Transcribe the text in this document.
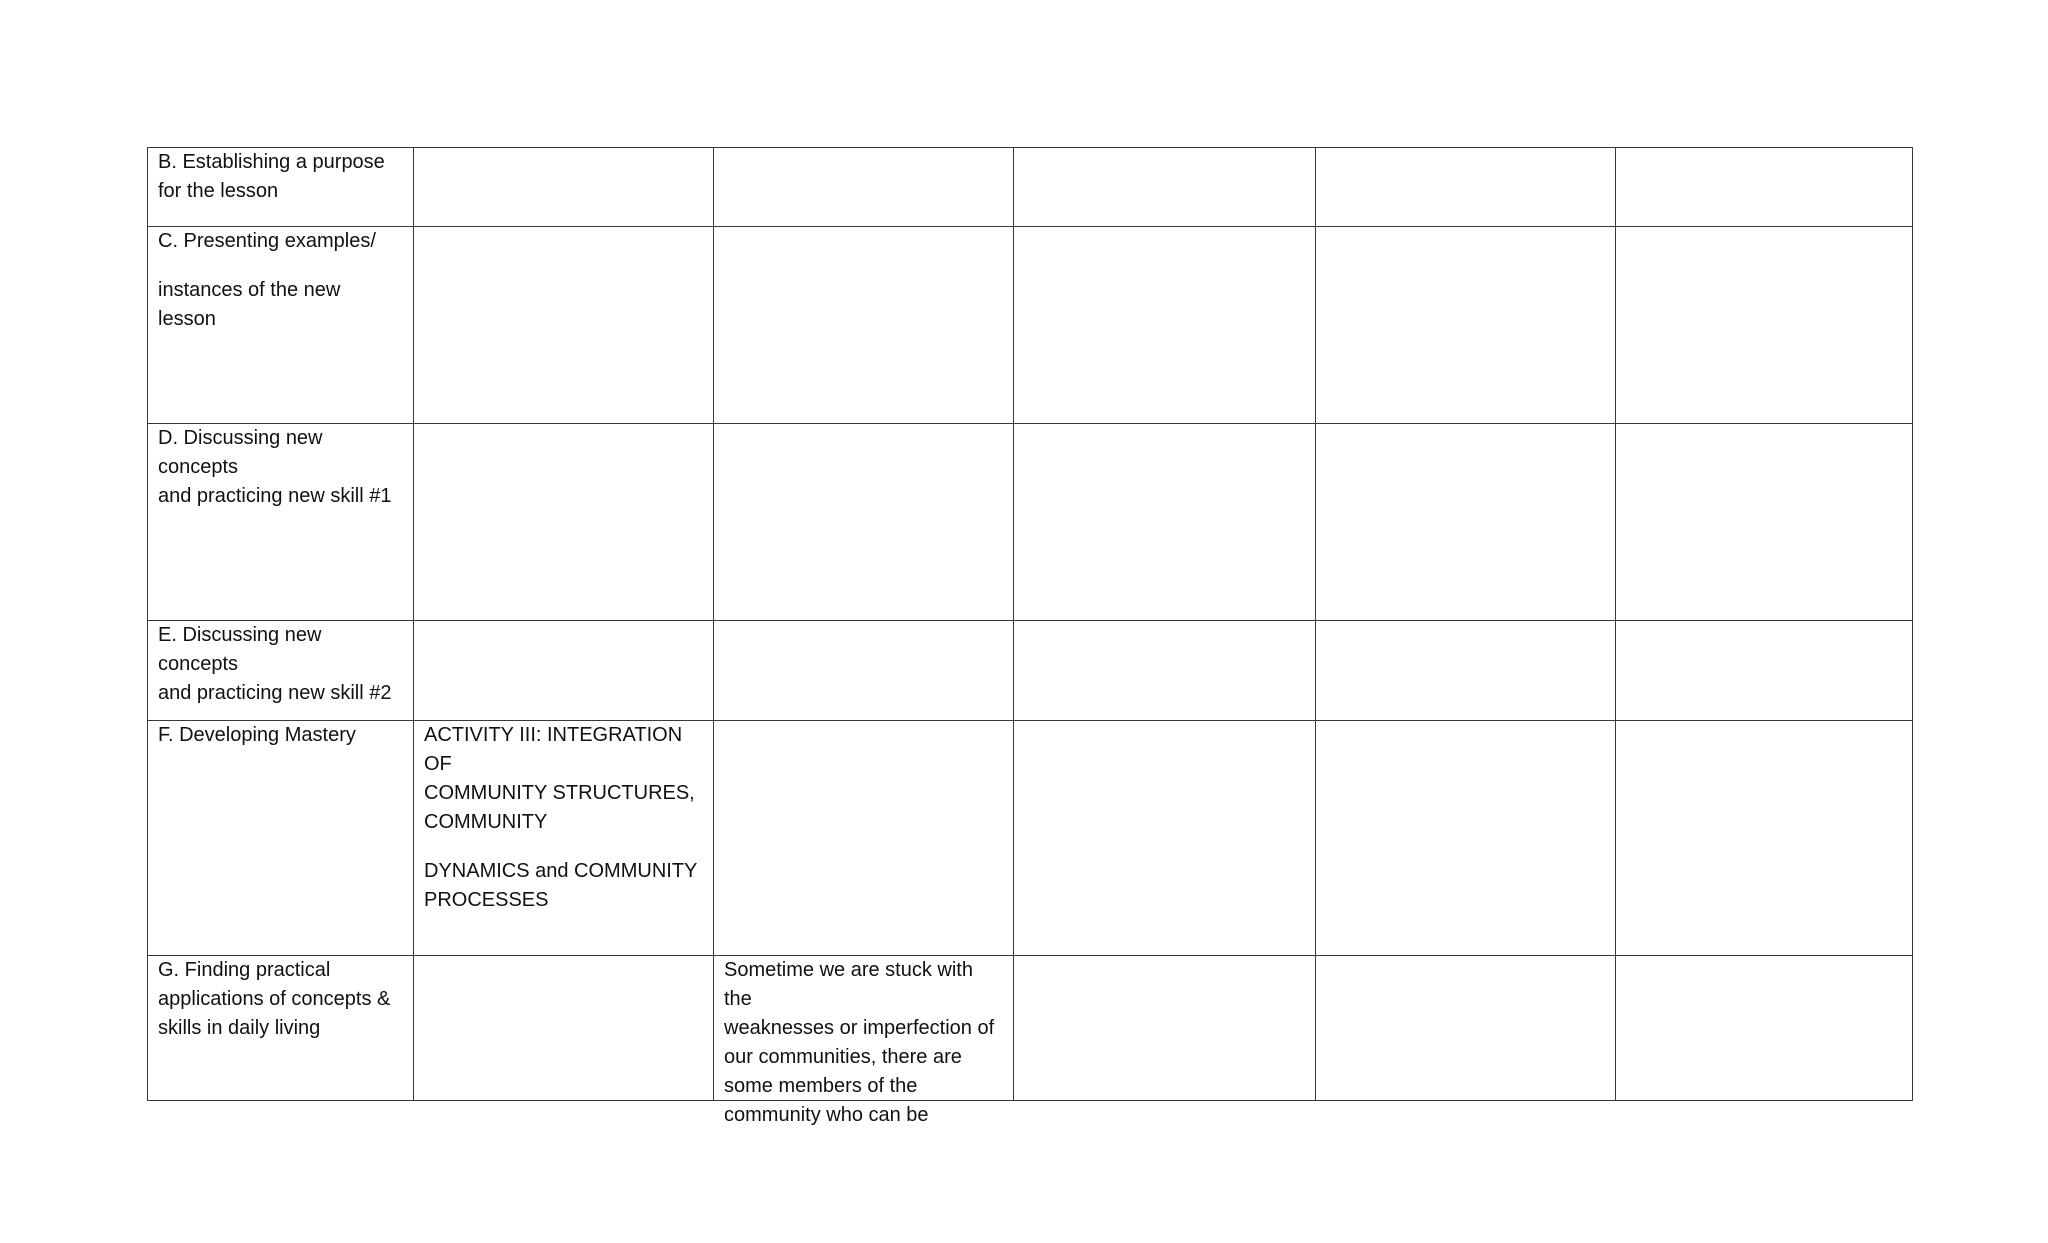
B. Establishing a purpose
for the lesson					

C. Presenting examples/

instances of the new lesson					

D. Discussing new concepts
and practicing new skill #1					

E. Discussing new concepts
and practicing new skill #2					

F. Developing Mastery	ACTIVITY III: INTEGRATION OF
COMMUNITY STRUCTURES,
COMMUNITY

DYNAMICS and COMMUNITY
PROCESSES				

G. Finding practical
applications of concepts &
skills in daily living		Sometime we are stuck with the
weaknesses or imperfection of
our communities, there are
some members of the
community who can be			
